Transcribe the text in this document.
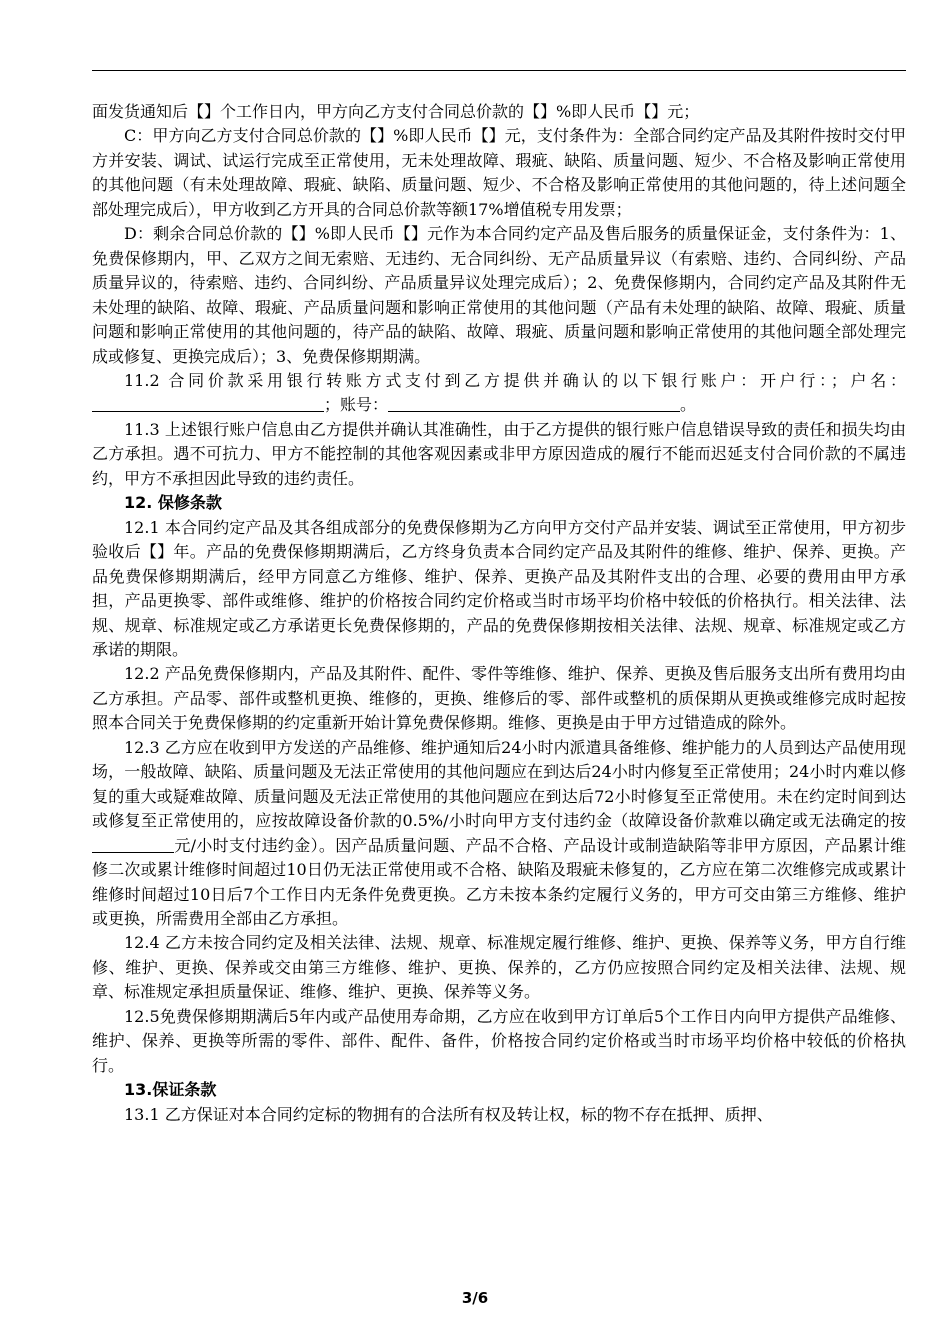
面发货通知后【】个工作日内，甲方向乙方支付合同总价款的【】%即人民币【】元；

C：甲方向乙方支付合同总价款的【】%即人民币【】元，支付条件为：全部合同约定产品及其附件按时交付甲方并安装、调试、试运行完成至正常使用，无未处理故障、瑕疵、缺陷、质量问题、短少、不合格及影响正常使用的其他问题（有未处理故障、瑕疵、缺陷、质量问题、短少、不合格及影响正常使用的其他问题的，待上述问题全部处理完成后），甲方收到乙方开具的合同总价款等额17%增值税专用发票；

D：剩余合同总价款的【】%即人民币【】元作为本合同约定产品及售后服务的质量保证金，支付条件为：1、免费保修期内，甲、乙双方之间无索赔、无违约、无合同纠纷、无产品质量异议（有索赔、违约、合同纠纷、产品质量异议的，待索赔、违约、合同纠纷、产品质量异议处理完成后）；2、免费保修期内，合同约定产品及其附件无未处理的缺陷、故障、瑕疵、产品质量问题和影响正常使用的其他问题（产品有未处理的缺陷、故障、瑕疵、质量问题和影响正常使用的其他问题的，待产品的缺陷、故障、瑕疵、质量问题和影响正常使用的其他问题全部处理完成或修复、更换完成后）；3、免费保修期期满。

11.2 合同价款采用银行转账方式支付到乙方提供并确认的以下银行账户：开户行：；户名：；账号：	。

11.3 上述银行账户信息由乙方提供并确认其准确性，由于乙方提供的银行账户信息错误导致的责任和损失均由乙方承担。遇不可抗力、甲方不能控制的其他客观因素或非甲方原因造成的履行不能而迟延支付合同价款的不属违约，甲方不承担因此导致的违约责任。

12. 保修条款

12.1 本合同约定产品及其各组成部分的免费保修期为乙方向甲方交付产品并安装、调试至正常使用，甲方初步验收后【】年。产品的免费保修期期满后，乙方终身负责本合同约定产品及其附件的维修、维护、保养、更换。产品免费保修期期满后，经甲方同意乙方维修、维护、保养、更换产品及其附件支出的合理、必要的费用由甲方承担，产品更换零、部件或维修、维护的价格按合同约定价格或当时市场平均价格中较低的价格执行。相关法律、法规、规章、标准规定或乙方承诺更长免费保修期的，产品的免费保修期按相关法律、法规、规章、标准规定或乙方承诺的期限。

12.2 产品免费保修期内，产品及其附件、配件、零件等维修、维护、保养、更换及售后服务支出所有费用均由乙方承担。产品零、部件或整机更换、维修的，更换、维修后的零、部件或整机的质保期从更换或维修完成时起按照本合同关于免费保修期的约定重新开始计算免费保修期。维修、更换是由于甲方过错造成的除外。

12.3 乙方应在收到甲方发送的产品维修、维护通知后24小时内派遣具备维修、维护能力的人员到达产品使用现场，一般故障、缺陷、质量问题及无法正常使用的其他问题应在到达后24小时内修复至正常使用；24小时内难以修复的重大或疑难故障、质量问题及无法正常使用的其他问题应在到达后72小时修复至正常使用。未在约定时间到达或修复至正常使用的，应按故障设备价款的0.5%/小时向甲方支付违约金（故障设备价款难以确定或无法确定的按元/小时支付违约金）。因产品质量问题、产品不合格、产品设计或制造缺陷等非甲方原因，产品累计维修二次或累计维修时间超过10日仍无法正常使用或不合格、缺陷及瑕疵未修复的，乙方应在第二次维修完成或累计维修时间超过10日后7个工作日内无条件免费更换。乙方未按本条约定履行义务的，甲方可交由第三方维修、维护或更换，所需费用全部由乙方承担。

12.4 乙方未按合同约定及相关法律、法规、规章、标准规定履行维修、维护、更换、保养等义务，甲方自行维修、维护、更换、保养或交由第三方维修、维护、更换、保养的，乙方仍应按照合同约定及相关法律、法规、规章、标准规定承担质量保证、维修、维护、更换、保养等义务。

12.5免费保修期期满后5年内或产品使用寿命期，乙方应在收到甲方订单后5个工作日内向甲方提供产品维修、维护、保养、更换等所需的零件、部件、配件、备件，价格按合同约定价格或当时市场平均价格中较低的价格执行。

13.保证条款

13.1 乙方保证对本合同约定标的物拥有的合法所有权及转让权，标的物不存在抵押、质押、

3/6
